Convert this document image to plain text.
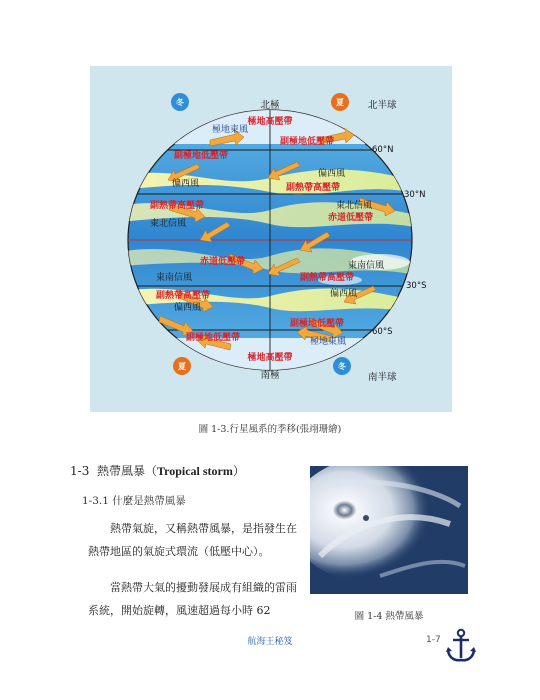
冬	夏
夏	冬
北極
南極
北半球
南半球
60°N
30°N
30°S
60°S
極地高壓帶
極地東風
副極地低壓帶
副極地低壓帶
偏西風
偏西風
副熱帶高壓帶
副熱帶高壓帶
東北信風
東北信風
赤道低壓帶
赤道低壓帶
東南信風
東南信風
副熱帶高壓帶
副熱帶高壓帶
偏西風
偏西風
副極地低壓帶
副極地低壓帶	極地東風
極地高壓帶
圖 1-3.行星風系的季移(張翊珊繪)
1-3 熱帶風暴（Tropical storm）
1-3.1 什麼是熱帶風暴
熱帶氣旋，又稱熱帶風暴，是指發生在熱帶地區的氣旋式環流（低壓中心）。
當熱帶大氣的擾動發展成有組織的雷雨系統，開始旋轉，風速超過每小時 62	圖 1-4 熱帶風暴
航海王秘笈	1-7
